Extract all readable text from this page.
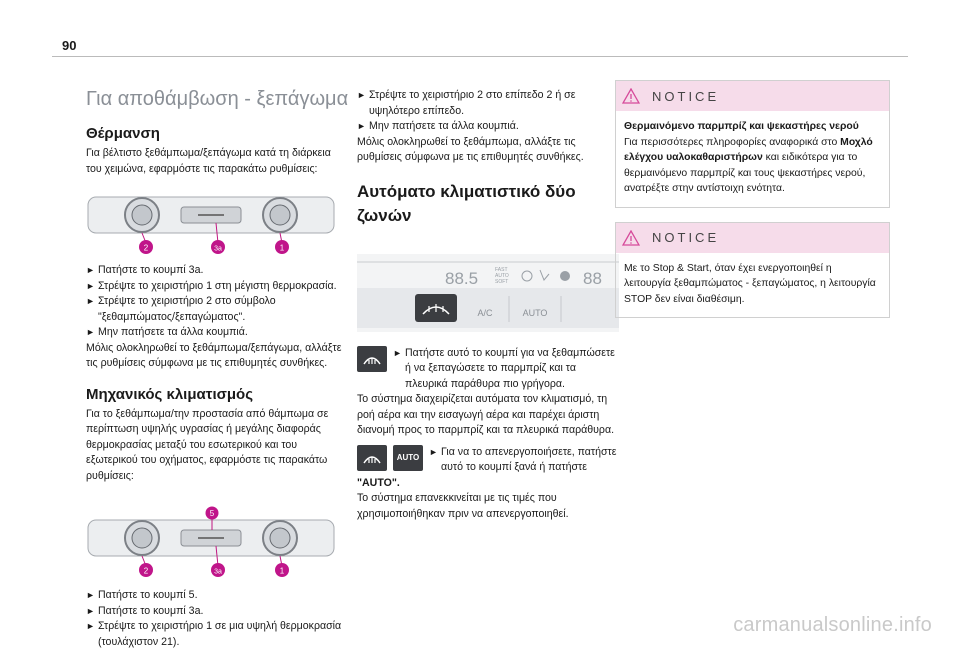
90
Για αποθάμβωση - ξεπάγωμα
Θέρμανση

Για βέλτιστο ξεθάμπωμα/ξεπάγωμα κατά τη διάρκεια του χειμώνα, εφαρμόστε τις παρακάτω ρυθμίσεις:

2	3a	1
► Πατήστε το κουμπί 3a.
► Στρέψτε το χειριστήριο 1 στη μέγιστη θερμοκρασία.
► Στρέψτε το χειριστήριο 2 στο σύμβολο "ξεθαμπώματος/ξεπαγώματος".
► Μην πατήσετε τα άλλα κουμπιά.

Μόλις ολοκληρωθεί το ξεθάμπωμα/ξεπάγωμα, αλλάξτε τις ρυθμίσεις σύμφωνα με τις επιθυμητές συνθήκες.

Μηχανικός κλιματισμός

Για το ξεθάμπωμα/την προστασία από θάμπωμα σε περίπτωση υψηλής υγρασίας ή μεγάλης διαφοράς θερμοκρασίας μεταξύ του εσωτερικού και του εξωτερικού του οχήματος, εφαρμόστε τις παρακάτω ρυθμίσεις:

5
2	3a	1
► Πατήστε το κουμπί 5.
► Πατήστε το κουμπί 3a.
► Στρέψτε το χειριστήριο 1 σε μια υψηλή θερμοκρασία (τουλάχιστον 21).
► Στρέψτε το χειριστήριο 2 στο επίπεδο 2 ή σε υψηλότερο επίπεδο.
► Μην πατήσετε τα άλλα κουμπιά.

Μόλις ολοκληρωθεί το ξεθάμπωμα, αλλάξτε τις ρυθμίσεις σύμφωνα με τις επιθυμητές συνθήκες.

Αυτόματο κλιματιστικό δύο ζωνών
88.5	FAST
AUTO
SOFT	88
A/C	AUTO
► Πατήστε αυτό το κουμπί για να ξεθαμπώσετε ή να ξεπαγώσετε το παρμπρίζ και τα πλευρικά παράθυρα πιο γρήγορα.

Το σύστημα διαχειρίζεται αυτόματα τον κλιματισμό, τη ροή αέρα και την εισαγωγή αέρα και παρέχει άριστη διανομή προς το παρμπρίζ και τα πλευρικά παράθυρα.

AUTO
►	Για να το απενεργοποιήσετε, πατήστε αυτό το κουμπί ξανά ή πατήστε

"AUTO".

Το σύστημα επανεκκινείται με τις τιμές που χρησιμοποιήθηκαν πριν να απενεργοποιηθεί.

NOTICE

Θερμαινόμενο παρμπρίζ και ψεκαστήρες νερού

Για περισσότερες πληροφορίες αναφορικά στο Μοχλό ελέγχου υαλοκαθαριστήρων και ειδικότερα για το θερμαινόμενο παρμπρίζ και τους ψεκαστήρες νερού, ανατρέξτε στην αντίστοιχη ενότητα.

NOTICE

Με το Stop & Start, όταν έχει ενεργοποιηθεί η λειτουργία ξεθαμπώματος - ξεπαγώματος, η λειτουργία STOP δεν είναι διαθέσιμη.

carmanualsonline.info
